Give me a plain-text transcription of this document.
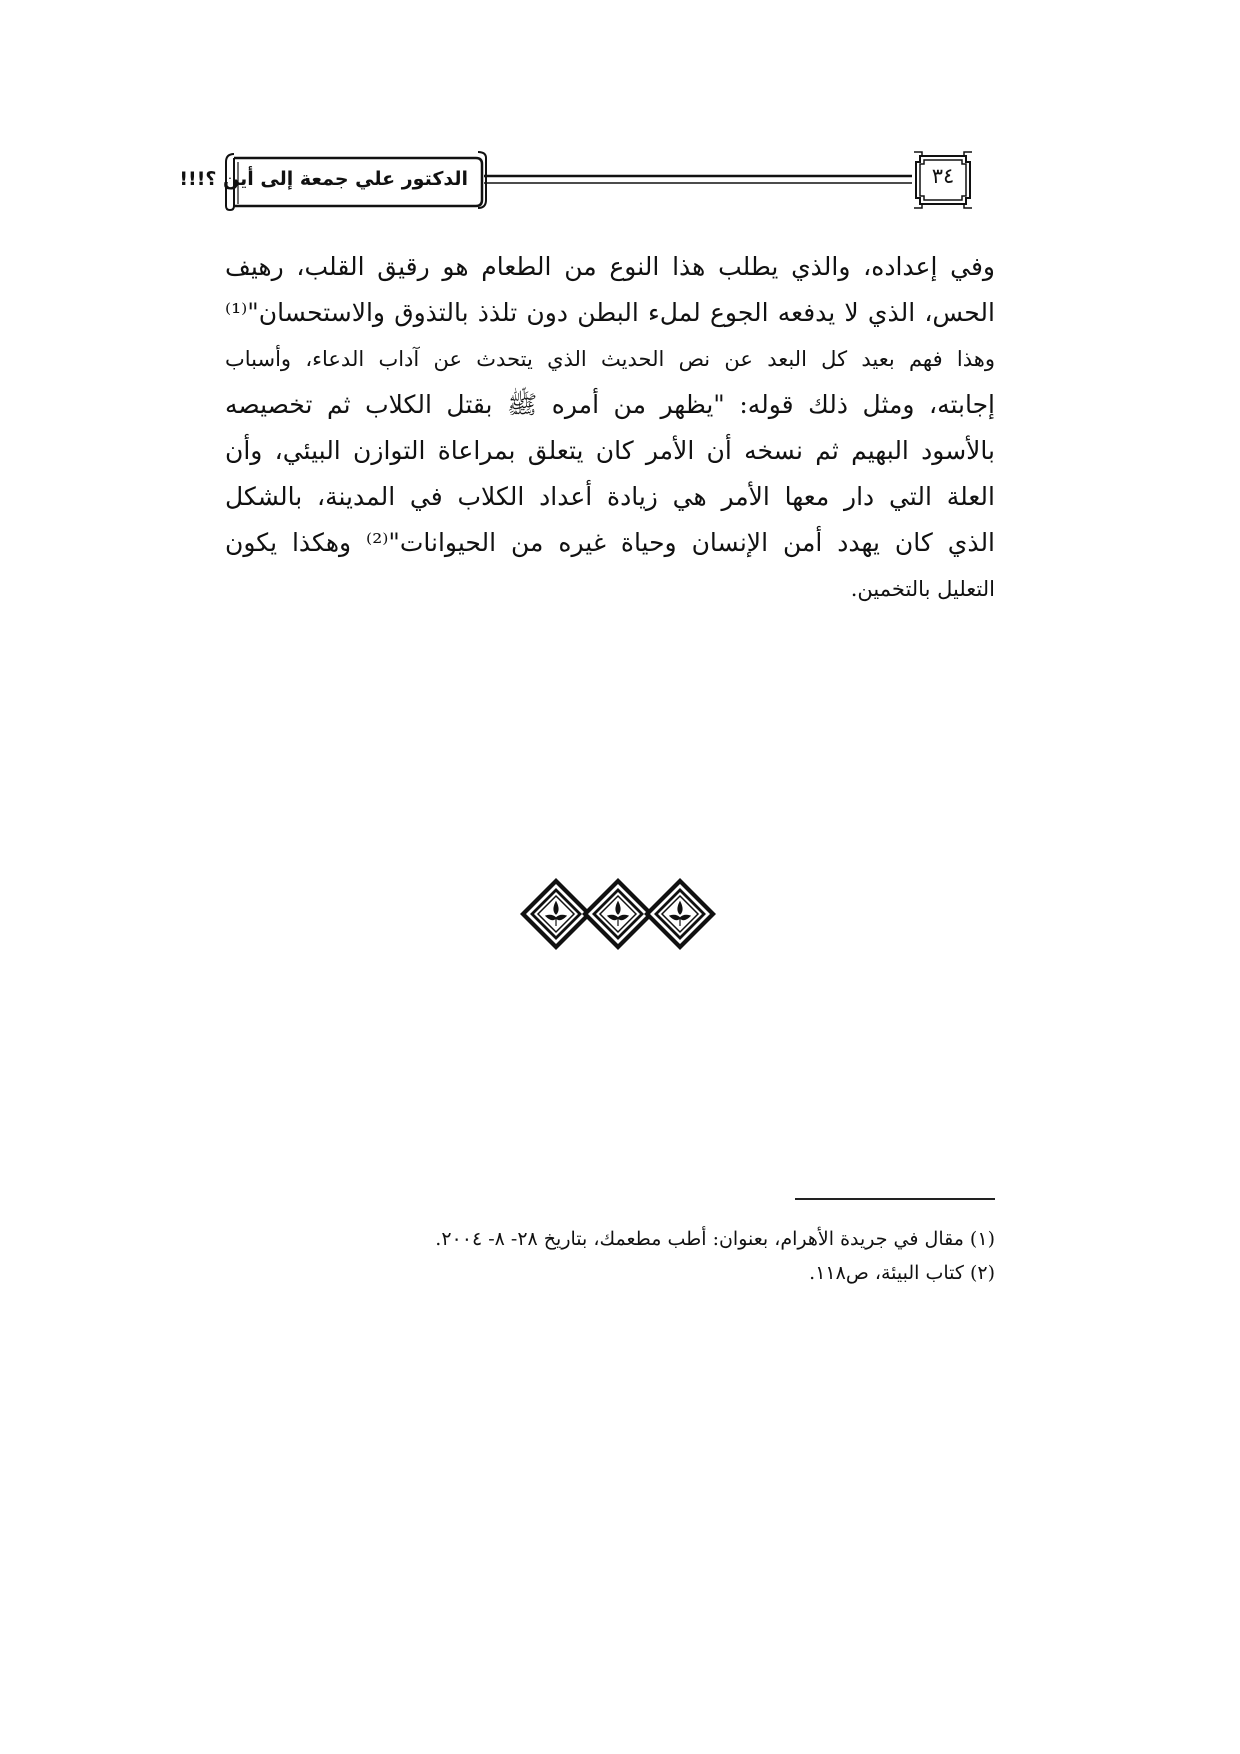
٣٤
الدكتور علي جمعة إلى أين ؟!!!
وفي إعداده، والذي يطلب هذا النوع من الطعام هو رقيق القلب، رهيف
الحس، الذي لا يدفعه الجوع لملء البطن دون تلذذ بالتذوق والاستحسان"⁽¹⁾
وهذا فهم بعيد كل البعد عن نص الحديث الذي يتحدث عن آداب الدعاء، وأسباب
إجابته، ومثل ذلك قوله: "يظهر من أمره ﷺ بقتل الكلاب ثم تخصيصه
بالأسود البهيم ثم نسخه أن الأمر كان يتعلق بمراعاة التوازن البيئي، وأن
العلة التي دار معها الأمر هي زيادة أعداد الكلاب في المدينة، بالشكل
الذي كان يهدد أمن الإنسان وحياة غيره من الحيوانات"⁽²⁾ وهكذا يكون
التعليل بالتخمين.
(١) مقال في جريدة الأهرام، بعنوان: أطب مطعمك، بتاريخ ٢٨- ٨- ٢٠٠٤.
(٢) كتاب البيئة، ص١١٨.
